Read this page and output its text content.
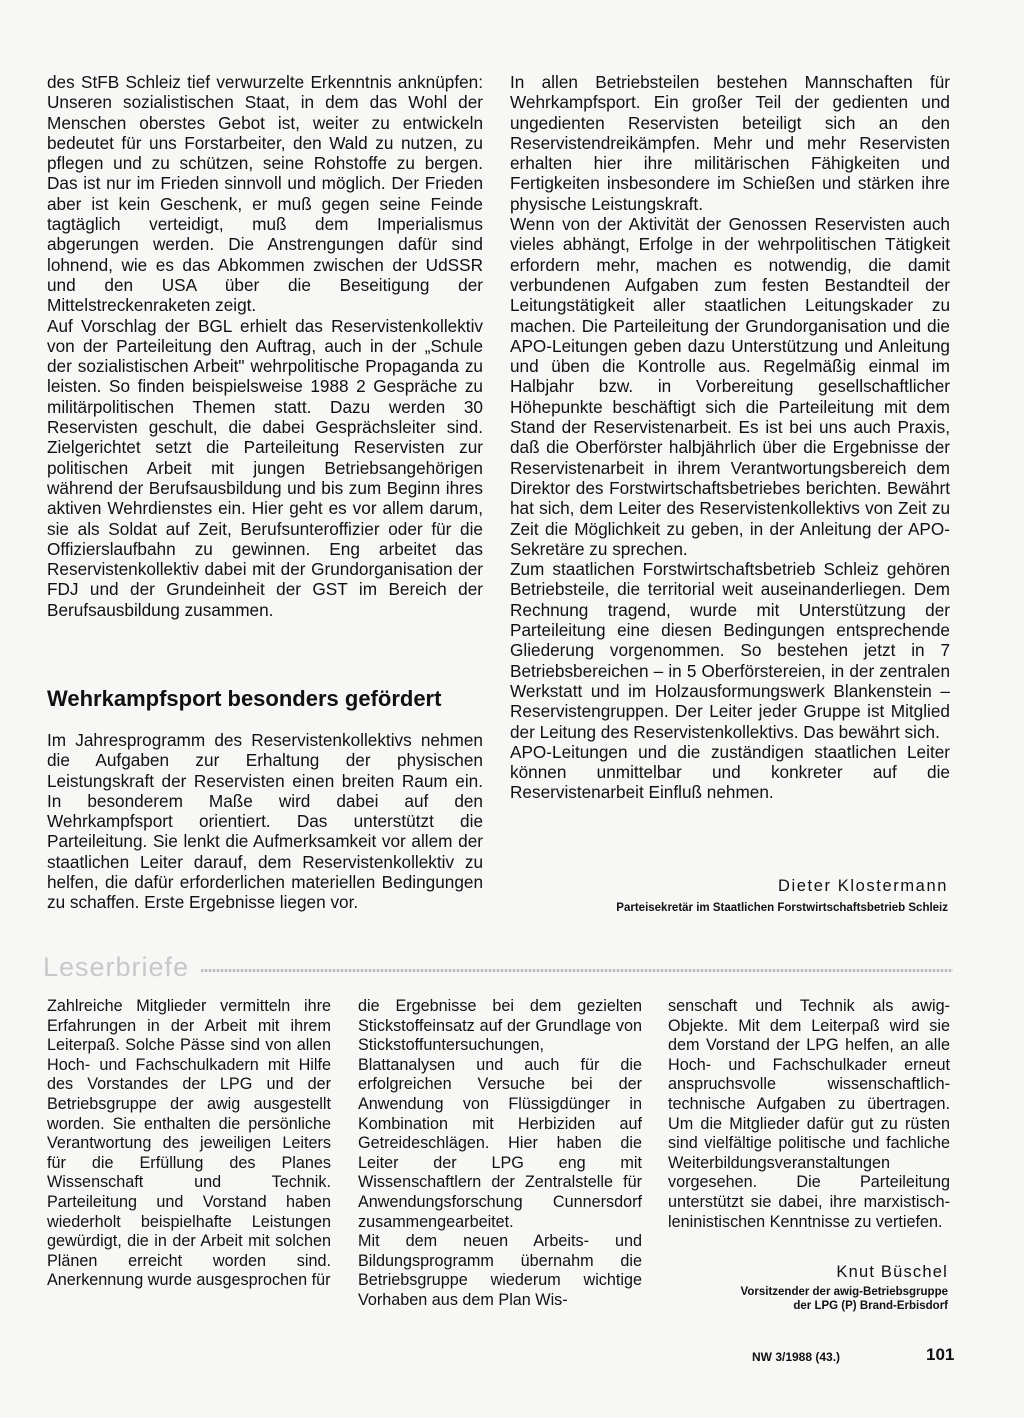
des StFB Schleiz tief verwurzelte Erkenntnis anknüpfen: Unseren sozialistischen Staat, in dem das Wohl der Menschen oberstes Gebot ist, weiter zu entwickeln bedeutet für uns Forstarbeiter, den Wald zu nutzen, zu pflegen und zu schützen, seine Rohstoffe zu bergen. Das ist nur im Frieden sinnvoll und möglich. Der Frieden aber ist kein Geschenk, er muß gegen seine Feinde tagtäglich verteidigt, muß dem Imperialismus abgerungen werden. Die Anstrengungen dafür sind lohnend, wie es das Abkommen zwischen der UdSSR und den USA über die Beseitigung der Mittelstreckenraketen zeigt.

Auf Vorschlag der BGL erhielt das Reservistenkollektiv von der Parteileitung den Auftrag, auch in der „Schule der sozialistischen Arbeit" wehrpolitische Propaganda zu leisten. So finden beispielsweise 1988 2 Gespräche zu militärpolitischen Themen statt. Dazu werden 30 Reservisten geschult, die dabei Gesprächsleiter sind. Zielgerichtet setzt die Parteileitung Reservisten zur politischen Arbeit mit jungen Betriebsangehörigen während der Berufsausbildung und bis zum Beginn ihres aktiven Wehrdienstes ein. Hier geht es vor allem darum, sie als Soldat auf Zeit, Berufsunteroffizier oder für die Offizierslaufbahn zu gewinnen. Eng arbeitet das Reservistenkollektiv dabei mit der Grundorganisation der FDJ und der Grundeinheit der GST im Bereich der Berufsausbildung zusammen.

Wehrkampfsport besonders gefördert

Im Jahresprogramm des Reservistenkollektivs nehmen die Aufgaben zur Erhaltung der physischen Leistungskraft der Reservisten einen breiten Raum ein. In besonderem Maße wird dabei auf den Wehrkampfsport orientiert. Das unterstützt die Parteileitung. Sie lenkt die Aufmerksamkeit vor allem der staatlichen Leiter darauf, dem Reservistenkollektiv zu helfen, die dafür erforderlichen materiellen Bedingungen zu schaffen. Erste Ergebnisse liegen vor.

In allen Betriebsteilen bestehen Mannschaften für Wehrkampfsport. Ein großer Teil der gedienten und ungedienten Reservisten beteiligt sich an den Reservistendreikämpfen. Mehr und mehr Reservisten erhalten hier ihre militärischen Fähigkeiten und Fertigkeiten insbesondere im Schießen und stärken ihre physische Leistungskraft.

Wenn von der Aktivität der Genossen Reservisten auch vieles abhängt, Erfolge in der wehrpolitischen Tätigkeit erfordern mehr, machen es notwendig, die damit verbundenen Aufgaben zum festen Bestandteil der Leitungstätigkeit aller staatlichen Leitungskader zu machen. Die Parteileitung der Grundorganisation und die APO-Leitungen geben dazu Unterstützung und Anleitung und üben die Kontrolle aus. Regelmäßig einmal im Halbjahr bzw. in Vorbereitung gesellschaftlicher Höhepunkte beschäftigt sich die Parteileitung mit dem Stand der Reservistenarbeit. Es ist bei uns auch Praxis, daß die Oberförster halbjährlich über die Ergebnisse der Reservistenarbeit in ihrem Verantwortungsbereich dem Direktor des Forstwirtschaftsbetriebes berichten. Bewährt hat sich, dem Leiter des Reservistenkollektivs von Zeit zu Zeit die Möglichkeit zu geben, in der Anleitung der APO-Sekretäre zu sprechen.

Zum staatlichen Forstwirtschaftsbetrieb Schleiz gehören Betriebsteile, die territorial weit auseinanderliegen. Dem Rechnung tragend, wurde mit Unterstützung der Parteileitung eine diesen Bedingungen entsprechende Gliederung vorgenommen. So bestehen jetzt in 7 Betriebsbereichen – in 5 Oberförstereien, in der zentralen Werkstatt und im Holzausformungswerk Blankenstein – Reservistengruppen. Der Leiter jeder Gruppe ist Mitglied der Leitung des Reservistenkollektivs. Das bewährt sich.

APO-Leitungen und die zuständigen staatlichen Leiter können unmittelbar und konkreter auf die Reservistenarbeit Einfluß nehmen.

Dieter Klostermann
Parteisekretär im Staatlichen Forstwirtschaftsbetrieb Schleiz
Leserbriefe

Zahlreiche Mitglieder vermitteln ihre Erfahrungen in der Arbeit mit ihrem Leiterpaß. Solche Pässe sind von allen Hoch- und Fachschulkadern mit Hilfe des Vorstandes der LPG und der Betriebsgruppe der awig ausgestellt worden. Sie enthalten die persönliche Verantwortung des jeweiligen Leiters für die Erfüllung des Planes Wissenschaft und Technik. Parteileitung und Vorstand haben wiederholt beispielhafte Leistungen gewürdigt, die in der Arbeit mit solchen Plänen erreicht worden sind. Anerkennung wurde ausgesprochen für

die Ergebnisse bei dem gezielten Stickstoffeinsatz auf der Grundlage von Stickstoffuntersuchungen, Blattanalysen und auch für die erfolgreichen Versuche bei der Anwendung von Flüssigdünger in Kombination mit Herbiziden auf Getreideschlägen. Hier haben die Leiter der LPG eng mit Wissenschaftlern der Zentralstelle für Anwendungsforschung Cunnersdorf zusammengearbeitet.

Mit dem neuen Arbeits- und Bildungsprogramm übernahm die Betriebsgruppe wiederum wichtige Vorhaben aus dem Plan Wis-

senschaft und Technik als awig-Objekte. Mit dem Leiterpaß wird sie dem Vorstand der LPG helfen, an alle Hoch- und Fachschulkader erneut anspruchsvolle wissenschaftlich-technische Aufgaben zu übertragen. Um die Mitglieder dafür gut zu rüsten sind vielfältige politische und fachliche Weiterbildungsveranstaltungen vorgesehen. Die Parteileitung unterstützt sie dabei, ihre marxistisch-leninistischen Kenntnisse zu vertiefen.

Knut Büschel
Vorsitzender der awig-Betriebsgruppe
der LPG (P) Brand-Erbisdorf
NW 3/1988 (43.)	101
